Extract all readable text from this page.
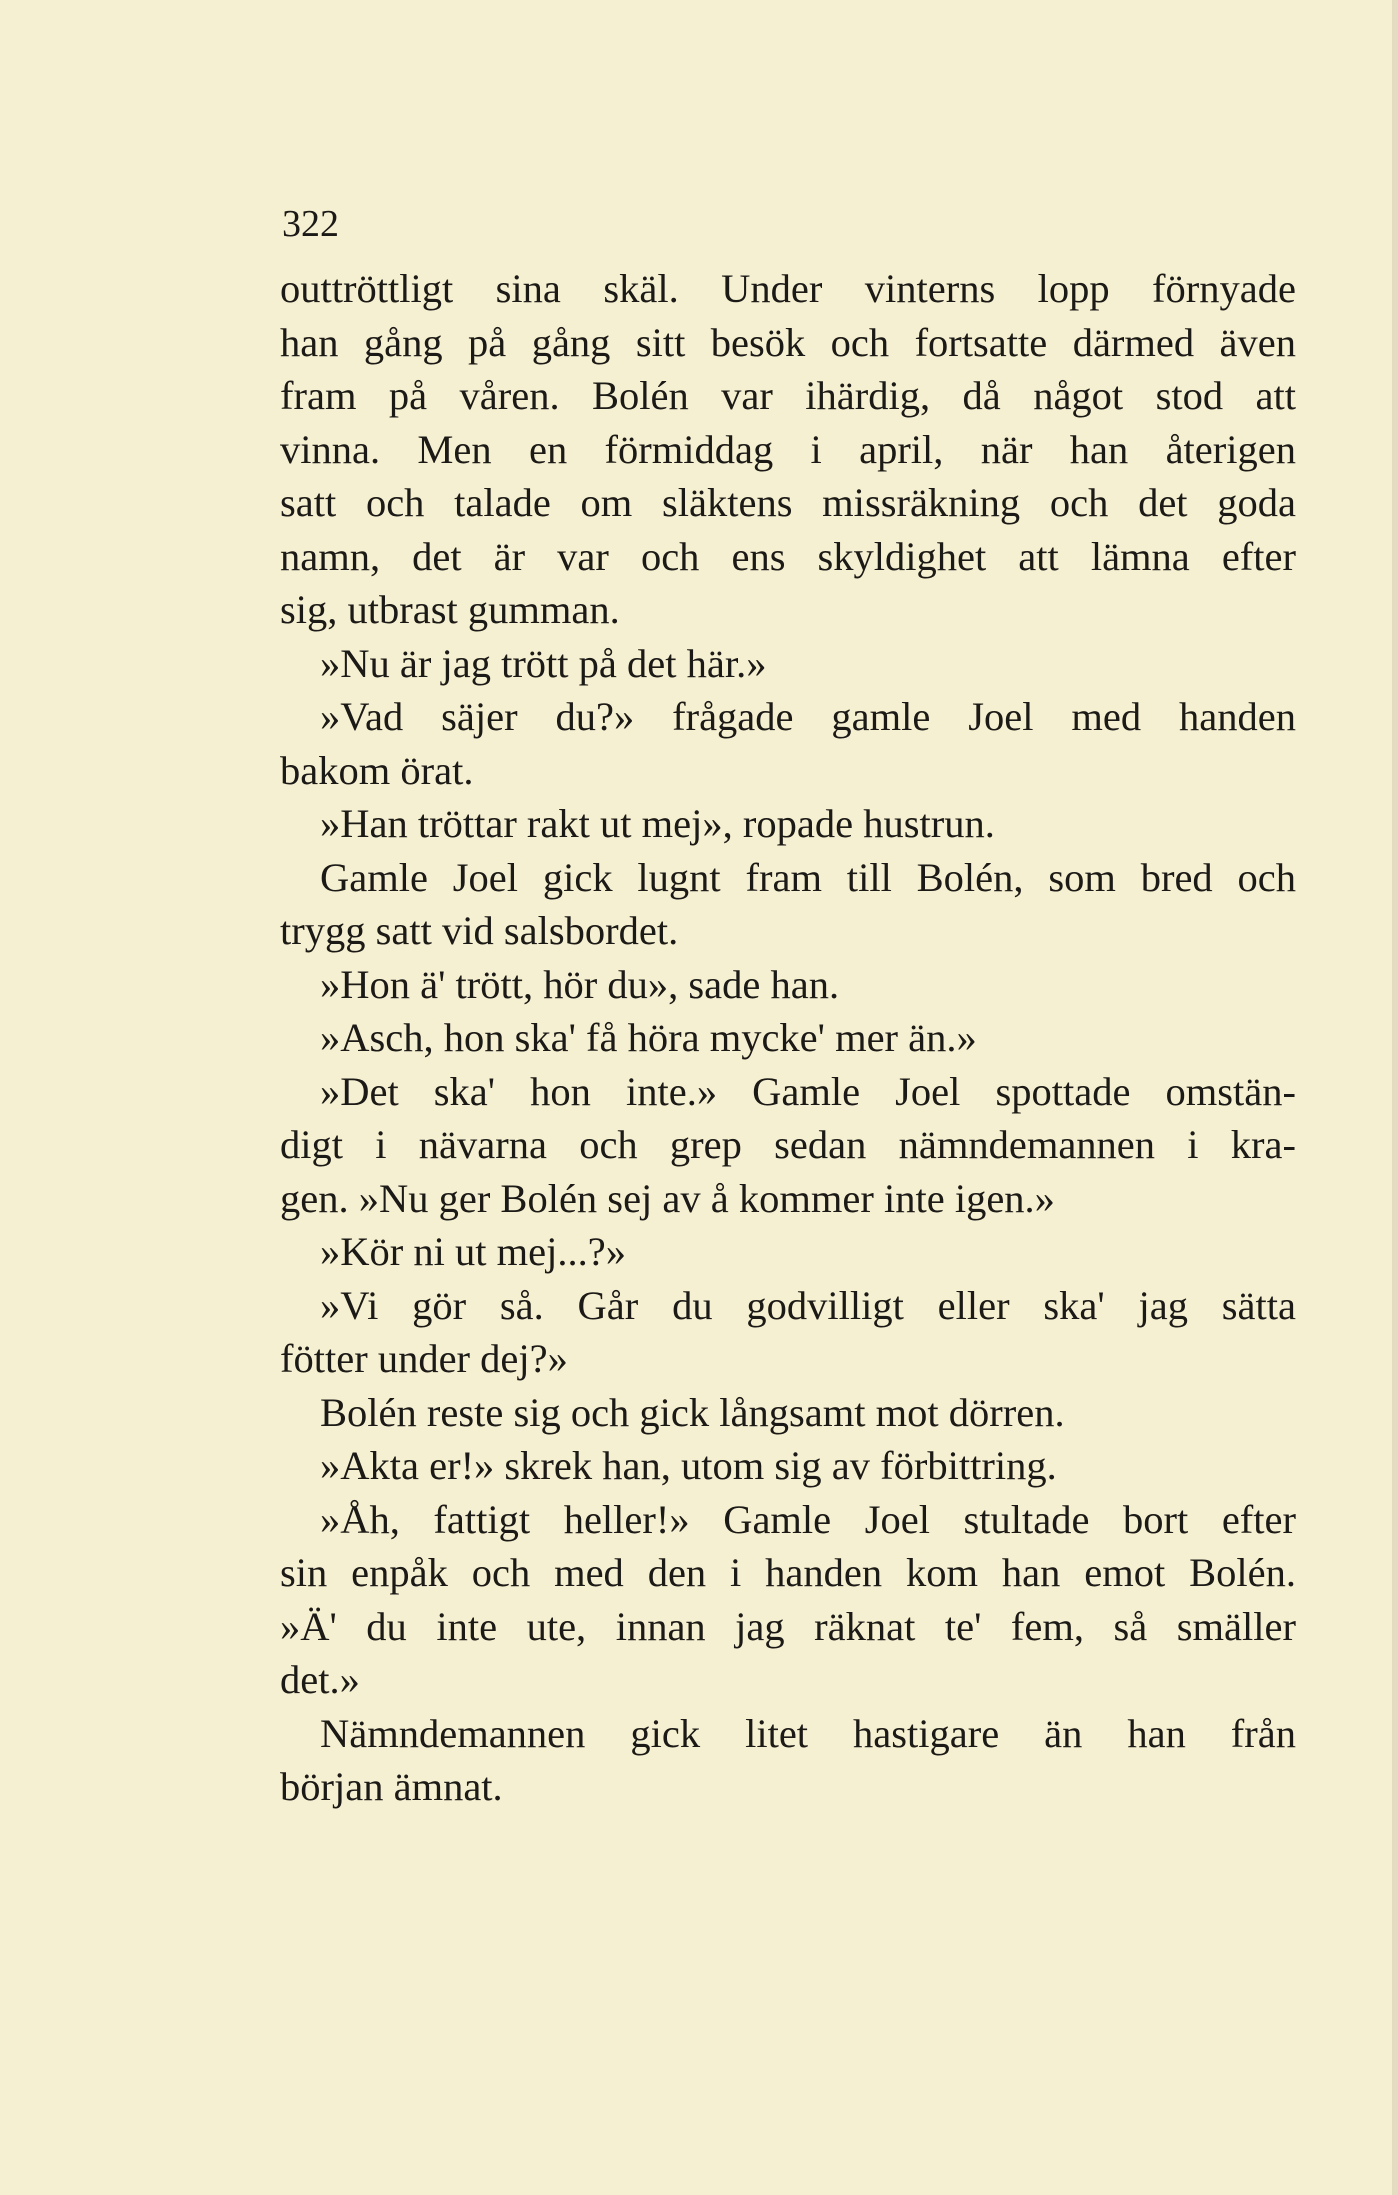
322

outtröttligt sina skäl. Under vinterns lopp förnyade
han gång på gång sitt besök och fortsatte därmed även
fram på våren. Bolén var ihärdig, då något stod att
vinna. Men en förmiddag i april, när han återigen
satt och talade om släktens missräkning och det goda
namn, det är var och ens skyldighet att lämna efter
sig, utbrast gumman.
»Nu är jag trött på det här.»
»Vad säjer du?» frågade gamle Joel med handen
bakom örat.
»Han tröttar rakt ut mej», ropade hustrun.
Gamle Joel gick lugnt fram till Bolén, som bred och
trygg satt vid salsbordet.
»Hon ä' trött, hör du», sade han.
»Asch, hon ska' få höra mycke' mer än.»
»Det ska' hon inte.» Gamle Joel spottade omstän-
digt i nävarna och grep sedan nämndemannen i kra-
gen. »Nu ger Bolén sej av å kommer inte igen.»
»Kör ni ut mej...?»
»Vi gör så. Går du godvilligt eller ska' jag sätta
fötter under dej?»
Bolén reste sig och gick långsamt mot dörren.
»Akta er!» skrek han, utom sig av förbittring.
»Åh, fattigt heller!» Gamle Joel stultade bort efter
sin enpåk och med den i handen kom han emot Bolén.
»Ä' du inte ute, innan jag räknat te' fem, så smäller
det.»
Nämndemannen gick litet hastigare än han från
början ämnat.
